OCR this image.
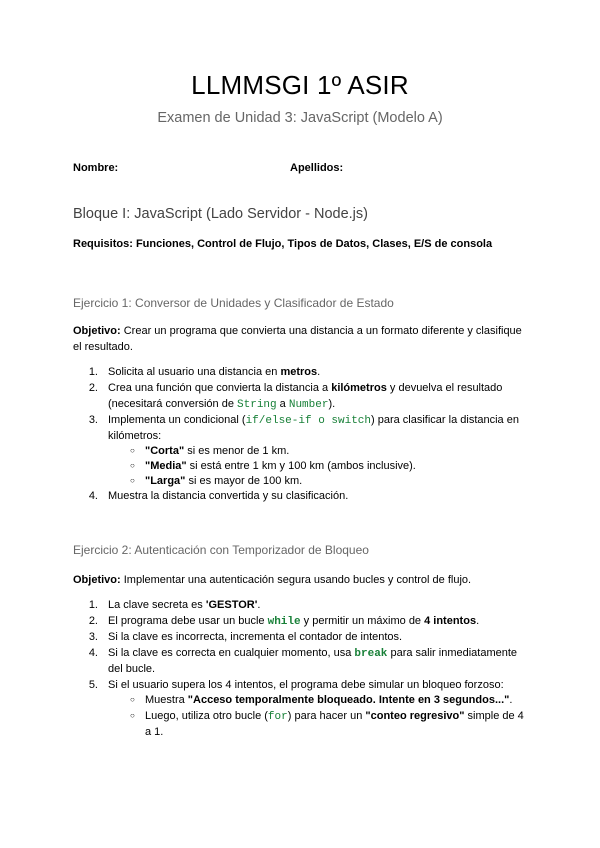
LLMMSGI 1º ASIR
Examen de Unidad 3: JavaScript (Modelo A)
Nombre:	Apellidos:
Bloque I: JavaScript (Lado Servidor - Node.js)
Requisitos: Funciones, Control de Flujo, Tipos de Datos, Clases, E/S de consola
Ejercicio 1: Conversor de Unidades y Clasificador de Estado
Objetivo: Crear un programa que convierta una distancia a un formato diferente y clasifique
el resultado.
1. Solicita al usuario una distancia en metros.
2. Crea una función que convierta la distancia a kilómetros y devuelva el resultado
(necesitará conversión de String a Number).
3. Implementa un condicional (if/else-if o switch) para clasificar la distancia en
kilómetros:
○ "Corta" si es menor de 1 km.
○ "Media" si está entre 1 km y 100 km (ambos inclusive).
○ "Larga" si es mayor de 100 km.
4. Muestra la distancia convertida y su clasificación.
Ejercicio 2: Autenticación con Temporizador de Bloqueo
Objetivo: Implementar una autenticación segura usando bucles y control de flujo.
1. La clave secreta es 'GESTOR'.
2. El programa debe usar un bucle while y permitir un máximo de 4 intentos.
3. Si la clave es incorrecta, incrementa el contador de intentos.
4. Si la clave es correcta en cualquier momento, usa break para salir inmediatamente
del bucle.
5. Si el usuario supera los 4 intentos, el programa debe simular un bloqueo forzoso:
○ Muestra "Acceso temporalmente bloqueado. Intente en 3 segundos...".
○ Luego, utiliza otro bucle (for) para hacer un "conteo regresivo" simple de 4
a 1.
